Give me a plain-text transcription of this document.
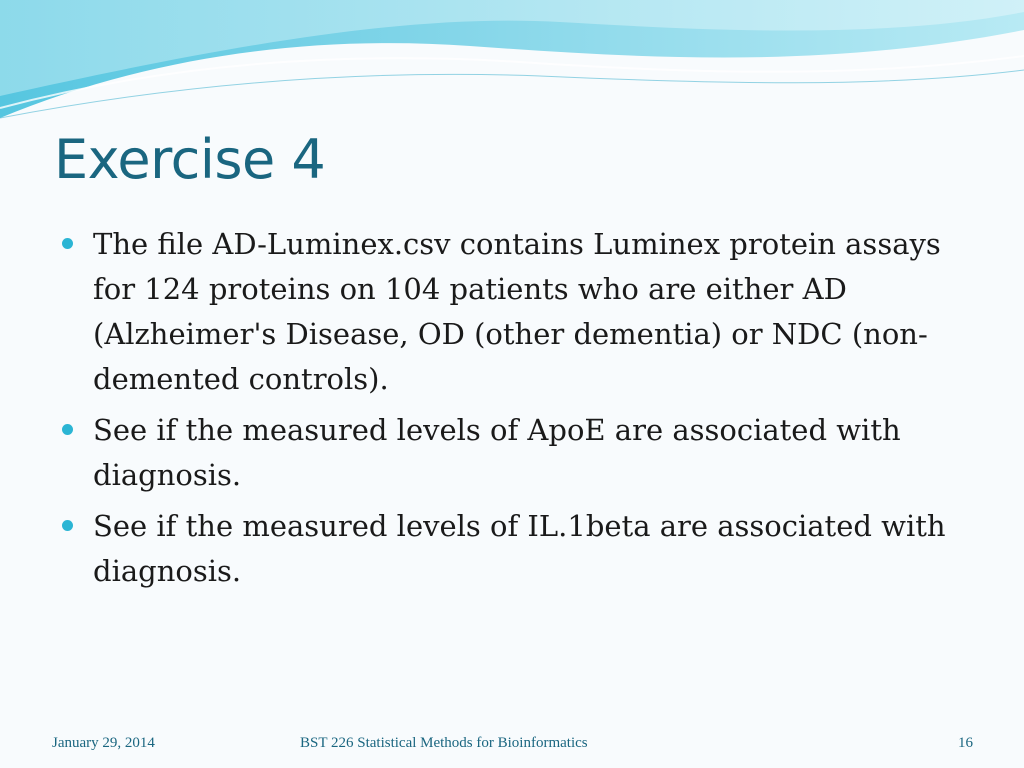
Exercise 4
The file AD-Luminex.csv contains Luminex protein assays for 124 proteins on 104 patients who are either AD (Alzheimer's Disease, OD (other dementia) or NDC (non-demented controls).
See if the measured levels of ApoE are associated with diagnosis.
See if the measured levels of IL.1beta are associated with diagnosis.
January 29, 2014	BST 226 Statistical Methods for Bioinformatics	16
